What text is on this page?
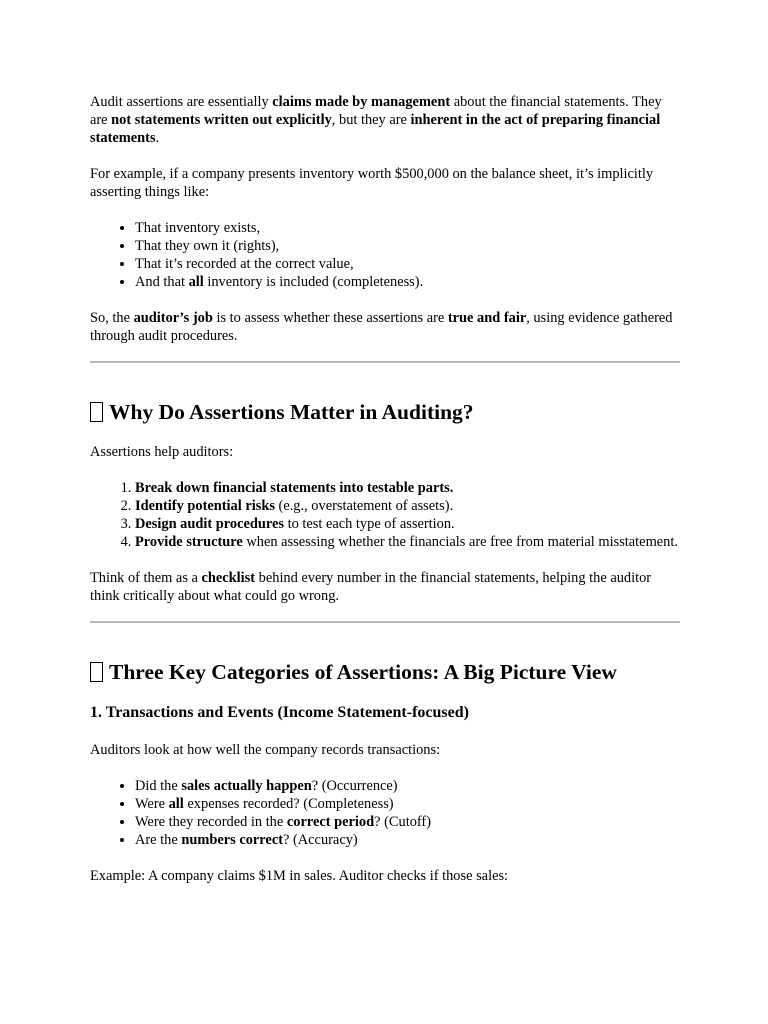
Audit assertions are essentially claims made by management about the financial statements. They are not statements written out explicitly, but they are inherent in the act of preparing financial statements.

For example, if a company presents inventory worth $500,000 on the balance sheet, it’s implicitly asserting things like:

• That inventory exists,
• That they own it (rights),
• That it’s recorded at the correct value,
• And that all inventory is included (completeness).

So, the auditor’s job is to assess whether these assertions are true and fair, using evidence gathered through audit procedures.

Why Do Assertions Matter in Auditing?

Assertions help auditors:

1. Break down financial statements into testable parts.
2. Identify potential risks (e.g., overstatement of assets).
3. Design audit procedures to test each type of assertion.
4. Provide structure when assessing whether the financials are free from material misstatement.

Think of them as a checklist behind every number in the financial statements, helping the auditor think critically about what could go wrong.

Three Key Categories of Assertions: A Big Picture View
1. Transactions and Events (Income Statement-focused)

Auditors look at how well the company records transactions:

• Did the sales actually happen? (Occurrence)
• Were all expenses recorded? (Completeness)
• Were they recorded in the correct period? (Cutoff)
• Are the numbers correct? (Accuracy)

Example: A company claims $1M in sales. Auditor checks if those sales:
